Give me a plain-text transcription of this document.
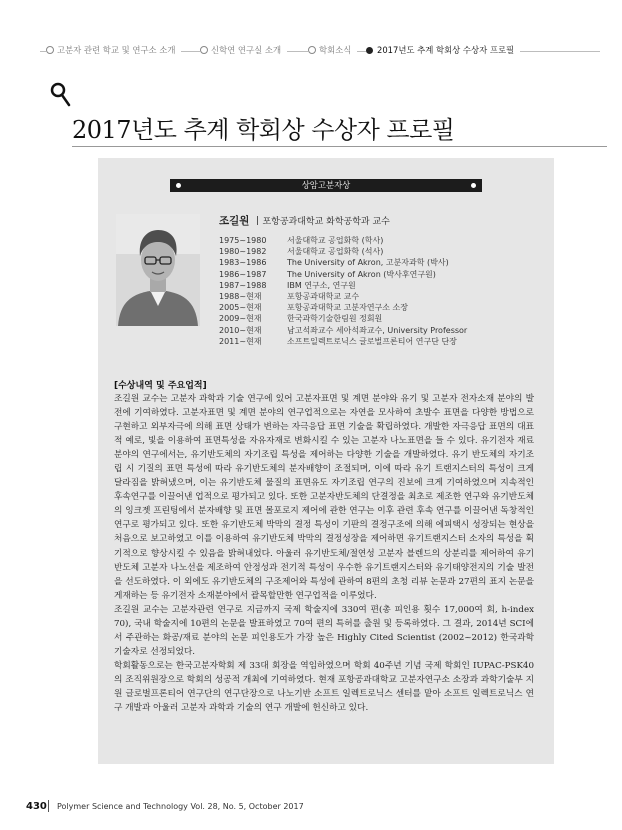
고분자 관련 학교 및 연구소 소개	신학연 연구실 소개	학회소식	2017년도 추계 학회상 수상자 프로필
2017년도 추계 학회상 수상자 프로필
상암고분자상
조길원 포항공과대학교 화학공학과 교수
1975~1980	서울대학교 공업화학 (학사)
1980~1982	서울대학교 공업화학 (석사)
1983~1986	The University of Akron, 고분자과학 (박사)
1986~1987	The University of Akron (박사후연구원)
1987~1988	IBM 연구소, 연구원
1988~현재	포항공과대학교 교수
2005~현재	포항공과대학교 고분자연구소 소장
2009~현재	한국과학기술한림원 정회원
2010~현재	남고석좌교수 세아석좌교수, University Professor
2011~현재	소프트일렉트로닉스 글로벌프론티어 연구단 단장
[수상내역 및 주요업적]

조길원 교수는 고분자 과학과 기술 연구에 있어 고분자표면 및 계면 분야와 유기 및 고분자 전자소재 분야의 발전에 기여하였다. 고분자표면 및 계면 분야의 연구업적으로는 자연을 모사하여 초발수 표면을 다양한 방법으로 구현하고 외부자극에 의해 표면 상태가 변하는 자극응답 표면 기술을 확립하였다. 개발한 자극응답 표면의 대표적 예로, 빛을 이용하여 표면특성을 자유자재로 변화시킬 수 있는 고분자 나노표면을 들 수 있다. 유기전자 재료 분야의 연구에서는, 유기반도체의 자기조립 특성을 제어하는 다양한 기술을 개발하였다. 유기 반도체의 자기조립 시 기질의 표면 특성에 따라 유기반도체의 분자배향이 조절되며, 이에 따라 유기 트랜지스터의 특성이 크게 달라짐을 밝혀냈으며, 이는 유기반도체 물질의 표면유도 자기조립 연구의 진보에 크게 기여하였으며 지속적인 후속연구를 이끌어낸 업적으로 평가되고 있다. 또한 고분자반도체의 단결정을 최초로 제조한 연구와 유기반도체의 잉크젯 프린팅에서 분자배향 및 표면 몰포로지 제어에 관한 연구는 이후 관련 후속 연구를 이끌어낸 독창적인 연구로 평가되고 있다. 또한 유기반도체 박막의 결정 특성이 기판의 결정구조에 의해 에피택시 성장되는 현상을 처음으로 보고하였고 이를 이용하여 유기반도체 박막의 결정성장을 제어하면 유기트랜지스터 소자의 특성을 획기적으로 향상시킬 수 있음을 밝혀내었다. 아울러 유기반도체/절연성 고분자 블렌드의 상분리를 제어하여 유기반도체 고분자 나노선을 제조하여 안정성과 전기적 특성이 우수한 유기트랜지스터와 유기태양전지의 기술 발전을 선도하였다. 이 외에도 유기반도체의 구조제어와 특성에 관하여 8편의 초청 리뷰 논문과 27편의 표지 논문을 게재하는 등 유기전자 소재분야에서 괄목할만한 연구업적을 이루었다.

조길원 교수는 고분자관련 연구로 지금까지 국제 학술지에 330여 편(총 피인용 횟수 17,000여 회, h-index 70), 국내 학술지에 10편의 논문을 발표하였고 70여 편의 특허를 출원 및 등록하였다. 그 결과, 2014년 SCI에서 주관하는 화공/재료 분야의 논문 피인용도가 가장 높은 Highly Cited Scientist (2002~2012) 한국과학기술자로 선정되었다.

학회활동으로는 한국고분자학회 제 33대 회장을 역임하였으며 학회 40주년 기념 국제 학회인 IUPAC-PSK40의 조직위원장으로 학회의 성공적 개최에 기여하였다. 현재 포항공과대학교 고분자연구소 소장과 과학기술부 지원 글로벌프론티어 연구단의 연구단장으로 나노기반 소프트 일렉트로닉스 센터를 맡아 소프트 일렉트로닉스 연구 개발과 아울러 고분자 과학과 기술의 연구 개발에 헌신하고 있다.

430 Polymer Science and Technology Vol. 28, No. 5, October 2017
